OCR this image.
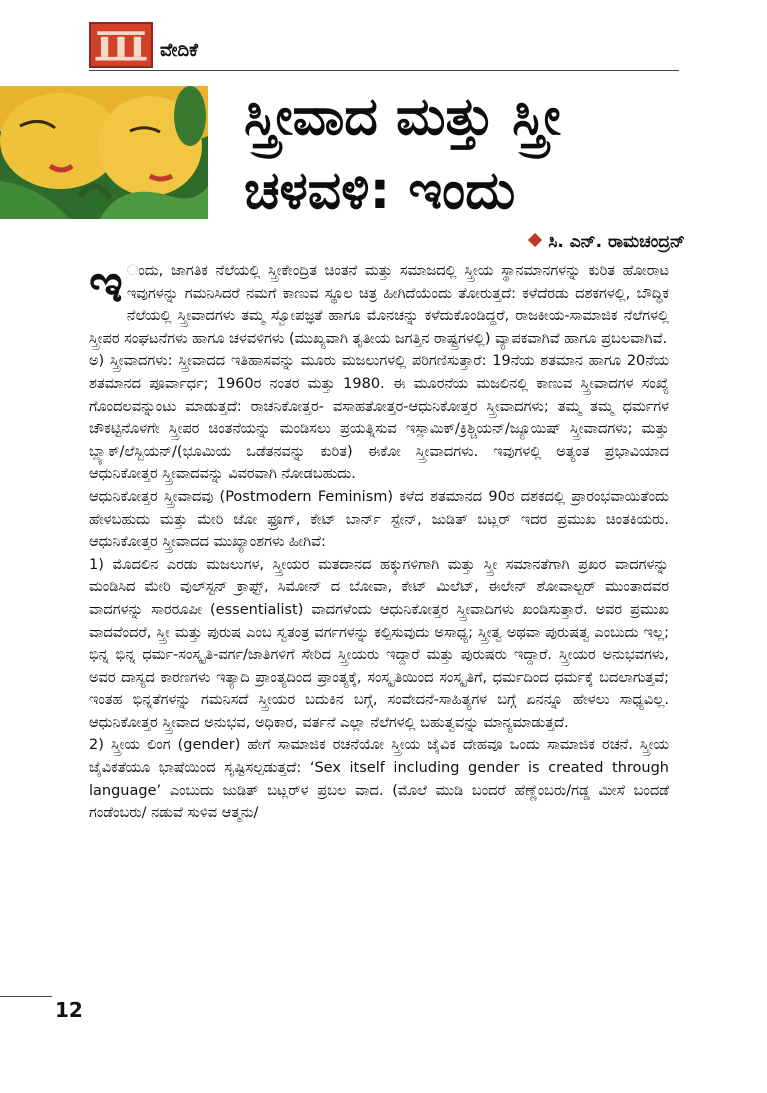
ವೇದಿಕೆ
ಸ್ತ್ರೀವಾದ ಮತ್ತು ಸ್ತ್ರೀ ಚಳವಳಿ: ಇಂದು
ಸಿ. ಎನ್. ರಾಮಚಂದ್ರನ್

ಇ ಂದು, ಜಾಗತಿಕ ನೆಲೆಯಲ್ಲಿ ಸ್ತ್ರೀಕೇಂದ್ರಿತ ಚಿಂತನೆ ಮತ್ತು ಸಮಾಜದಲ್ಲಿ ಸ್ತ್ರೀಯ ಸ್ಥಾನಮಾನಗಳನ್ನು ಕುರಿತ ಹೋರಾಟ ಇವುಗಳನ್ನು ಗಮನಿಸಿದರೆ ನಮಗೆ ಕಾಣುವ ಸ್ಥೂಲ ಚಿತ್ರ ಹೀಗಿದೆಯೆಂದು ತೋರುತ್ತದೆ: ಕಳೆದೆರಡು ದಶಕಗಳಲ್ಲಿ, ಬೌದ್ಧಿಕ ನೆಲೆಯಲ್ಲಿ ಸ್ತ್ರೀವಾದಗಳು ತಮ್ಮ ಸ್ವೋಪಜ್ಞತೆ ಹಾಗೂ ಮೊನಚನ್ನು ಕಳೆದುಕೊಂಡಿದ್ದರೆ, ರಾಜಕೀಯ-ಸಾಮಾಜಿಕ ನೆಲೆಗಳಲ್ಲಿ ಸ್ತ್ರೀಪರ ಸಂಘಟನೆಗಳು ಹಾಗೂ ಚಳವಳಿಗಳು (ಮುಖ್ಯವಾಗಿ ತೃತೀಯ ಜಗತ್ತಿನ ರಾಷ್ಟ್ರಗಳಲ್ಲಿ) ವ್ಯಾಪಕವಾಗಿವೆ ಹಾಗೂ ಪ್ರಬಲವಾಗಿವೆ.

ಅ) ಸ್ತ್ರೀವಾದಗಳು: ಸ್ತ್ರೀವಾದದ ಇತಿಹಾಸವನ್ನು ಮೂರು ಮಜಲುಗಳಲ್ಲಿ ಪರಿಗಣಿಸುತ್ತಾರೆ: 19ನೆಯ ಶತಮಾನ ಹಾಗೂ 20ನೆಯ ಶತಮಾನದ ಪೂರ್ವಾರ್ಧ; 1960ರ ನಂತರ ಮತ್ತು 1980. ಈ ಮೂರನೆಯ ಮಜಲಿನಲ್ಲಿ ಕಾಣುವ ಸ್ತ್ರೀವಾದಗಳ ಸಂಖ್ಯೆ ಗೊಂದಲವನ್ನುಂಟು ಮಾಡುತ್ತದೆ: ರಾಚನಿಕೋತ್ತರ- ವಸಾಹತೋತ್ತರ-ಆಧುನಿಕೋತ್ತರ ಸ್ತ್ರೀವಾದಗಳು; ತಮ್ಮ ತಮ್ಮ ಧರ್ಮಗಳ ಚೌಕಟ್ಟಿನೊಳಗೇ ಸ್ತ್ರೀಪರ ಚಿಂತನೆಯನ್ನು ಮಂಡಿಸಲು ಪ್ರಯತ್ನಿಸುವ ಇಸ್ಲಾಮಿಕ್/ಕ್ರಿಶ್ಚಿಯನ್/ಜ್ಯೂಯಿಷ್ ಸ್ತ್ರೀವಾದಗಳು; ಮತ್ತು ಬ್ಲ್ಯಾಕ್/ಲೆಸ್ಬಿಯನ್/(ಭೂಮಿಯ ಒಡೆತನವನ್ನು ಕುರಿತ) ಈಕೋ ಸ್ತ್ರೀವಾದಗಳು. ಇವುಗಳಲ್ಲಿ ಅತ್ಯಂತ ಪ್ರಭಾವಿಯಾದ ಆಧುನಿಕೋತ್ತರ ಸ್ತ್ರೀವಾದವನ್ನು ವಿವರವಾಗಿ ನೋಡಬಹುದು.

ಆಧುನಿಕೋತ್ತರ ಸ್ತ್ರೀವಾದವು (Postmodern Feminism) ಕಳೆದ ಶತಮಾನದ 90ರ ದಶಕದಲ್ಲಿ ಪ್ರಾರಂಭವಾಯಿತೆಂದು ಹೇಳಬಹುದು ಮತ್ತು ಮೇರಿ ಜೋ ಫ್ರೂಗ್, ಕೇಟ್ ಬಾರ್ನ್ ಸ್ಟೇನ್, ಜುಡಿತ್ ಬಟ್ಲರ್ ಇದರ ಪ್ರಮುಖ ಚಿಂತಕಿಯರು. ಆಧುನಿಕೋತ್ತರ ಸ್ತ್ರೀವಾದದ ಮುಖ್ಯಾಂಶಗಳು ಹೀಗಿವೆ:

1) ಮೊದಲಿನ ಎರಡು ಮಜಲುಗಳ, ಸ್ತ್ರೀಯರ ಮತದಾನದ ಹಕ್ಕುಗಳಿಗಾಗಿ ಮತ್ತು ಸ್ತ್ರೀ ಸಮಾನತೆಗಾಗಿ ಪ್ರಖರ ವಾದಗಳನ್ನು ಮಂಡಿಸಿದ ಮೇರಿ ವುಲ್‌ಸ್ಟನ್ ಕ್ರಾಫ್ಟ್, ಸಿಮೋನ್ ದ ಬೋವಾ, ಕೇಟ್ ಮಿಲೆಟ್, ಈಲೇನ್ ಶೋವಾಲ್ಟರ್ ಮುಂತಾದವರ ವಾದಗಳನ್ನು ಸಾರರೂಪೀ (essentialist) ವಾದಗಳೆಂದು ಆಧುನಿಕೋತ್ತರ ಸ್ತ್ರೀವಾದಿಗಳು ಖಂಡಿಸುತ್ತಾರೆ. ಅವರ ಪ್ರಮುಖ ವಾದವೆಂದರೆ, ಸ್ತ್ರೀ ಮತ್ತು ಪುರುಷ ಎಂಬ ಸ್ವತಂತ್ರ ವರ್ಗಗಳನ್ನು ಕಲ್ಪಿಸುವುದು ಅಸಾಧ್ಯ; ಸ್ತ್ರೀತ್ವ ಅಥವಾ ಪುರುಷತ್ವ ಎಂಬುದು ಇಲ್ಲ; ಭಿನ್ನ ಭಿನ್ನ ಧರ್ಮ-ಸಂಸ್ಕೃತಿ-ವರ್ಗ/ಜಾತಿಗಳಿಗೆ ಸೇರಿದ ಸ್ತ್ರೀಯರು ಇದ್ದಾರೆ ಮತ್ತು ಪುರುಷರು ಇದ್ದಾರೆ. ಸ್ತ್ರೀಯರ ಅನುಭವಗಳು, ಅವರ ದಾಸ್ಯದ ಕಾರಣಗಳು ಇತ್ಯಾದಿ ಪ್ರಾಂತ್ಯದಿಂದ ಪ್ರಾಂತ್ಯಕ್ಕೆ, ಸಂಸ್ಕೃತಿಯಿಂದ ಸಂಸ್ಕೃತಿಗೆ, ಧರ್ಮದಿಂದ ಧರ್ಮಕ್ಕೆ ಬದಲಾಗುತ್ತವೆ; ಇಂತಹ ಭಿನ್ನತೆಗಳನ್ನು ಗಮನಿಸದೆ ಸ್ತ್ರೀಯರ ಬದುಕಿನ ಬಗ್ಗೆ, ಸಂವೇದನೆ-ಸಾಹಿತ್ಯಗಳ ಬಗ್ಗೆ ಏನನ್ನೂ ಹೇಳಲು ಸಾಧ್ಯವಿಲ್ಲ. ಆಧುನಿಕೋತ್ತರ ಸ್ತ್ರೀವಾದ ಅನುಭವ, ಅಧಿಕಾರ, ವರ್ತನೆ ಎಲ್ಲಾ ನೆಲೆಗಳಲ್ಲಿ ಬಹುತ್ವವನ್ನು ಮಾನ್ಯಮಾಡುತ್ತದೆ.

2) ಸ್ತ್ರೀಯ ಲಿಂಗ (gender) ಹೇಗೆ ಸಾಮಾಜಿಕ ರಚನೆಯೋ ಸ್ತ್ರೀಯ ಜೈವಿಕ ದೇಹವೂ ಒಂದು ಸಾಮಾಜಿಕ ರಚನೆ. ಸ್ತ್ರೀಯ ಜೈವಿಕತೆಯೂ ಭಾಷೆಯಿಂದ ಸೃಷ್ಟಿಸಲ್ಪಡುತ್ತದೆ: ‘Sex itself including gender is created through language’ ಎಂಬುದು ಜುಡಿತ್ ಬಟ್ಲರ್‌ಳ ಪ್ರಬಲ ವಾದ. (ಮೊಲೆ ಮುಡಿ ಬಂದರೆ ಹೆಣ್ಣೆಂಬರು/ಗಡ್ಡ ಮೀಸೆ ಬಂದಡೆ ಗಂಡೆಂಬರು/ ನಡುವೆ ಸುಳಿವ ಆತ್ಮನು/

12
